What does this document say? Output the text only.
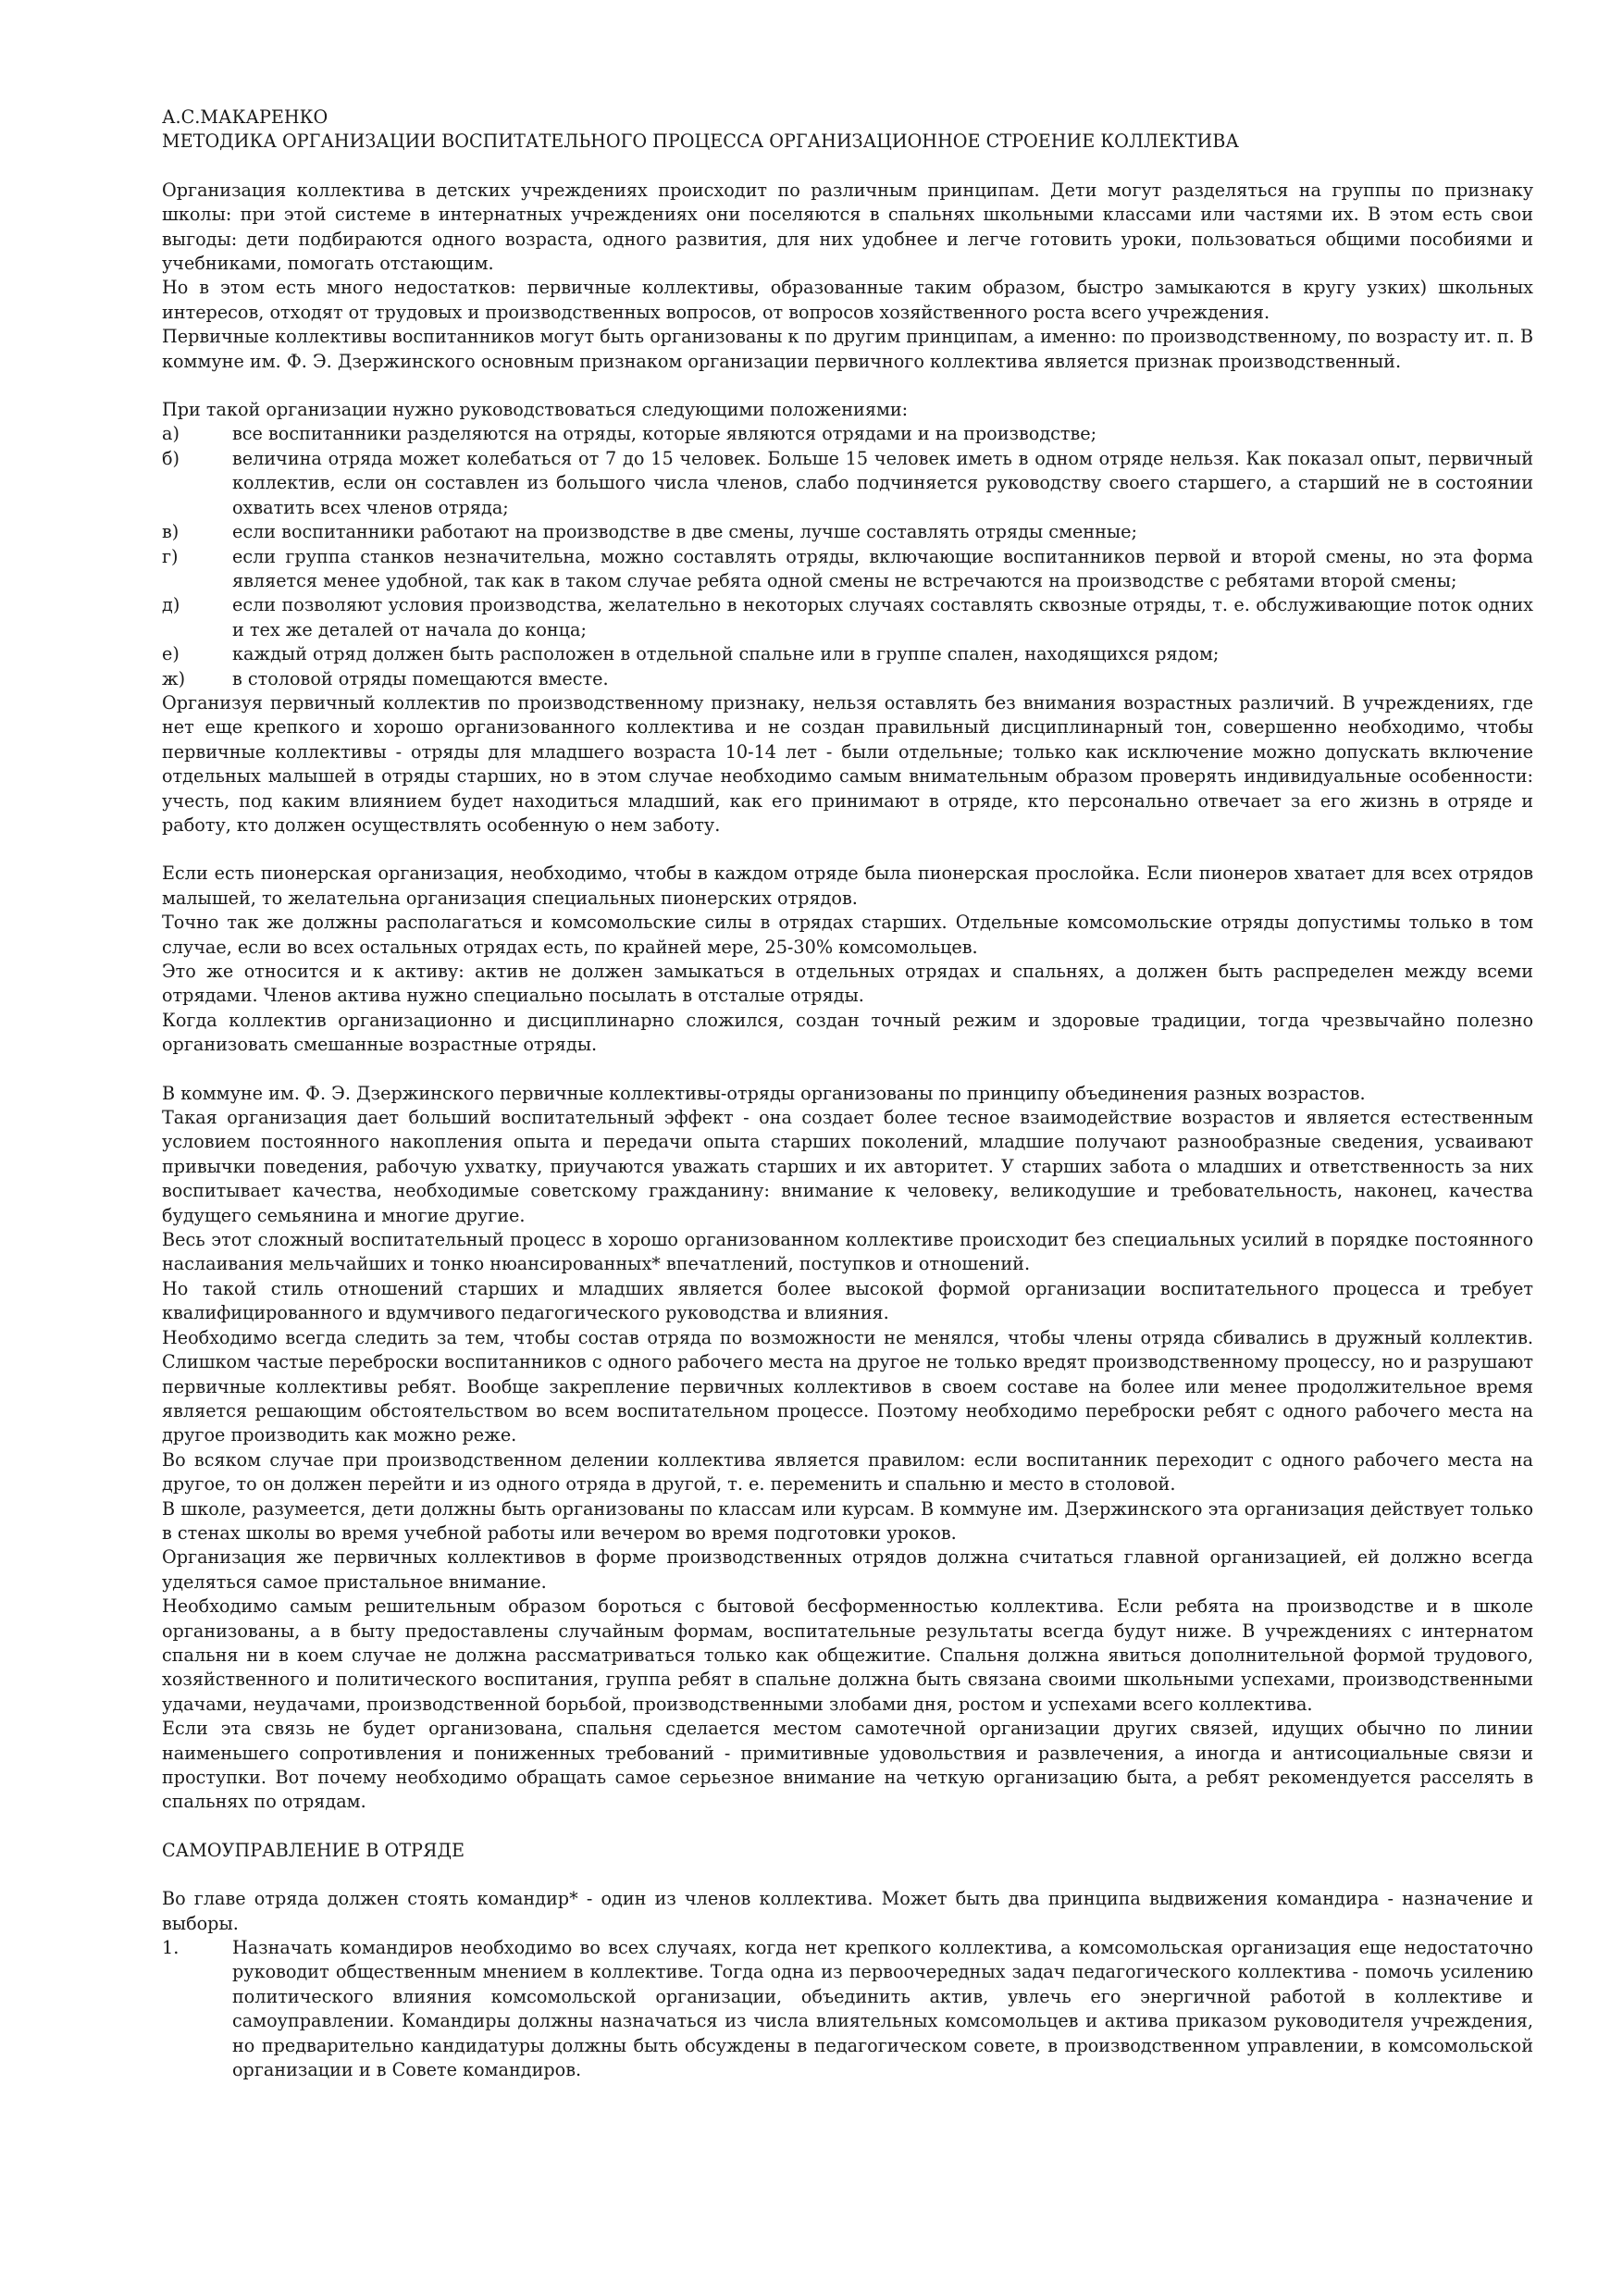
А.С.МАКАРЕНКО

МЕТОДИКА ОРГАНИЗАЦИИ ВОСПИТАТЕЛЬНОГО ПРОЦЕССА ОРГАНИЗАЦИОННОЕ СТРОЕНИЕ КОЛЛЕКТИВА

Организация коллектива в детских учреждениях происходит по различным принципам. Дети могут разделяться на группы по признаку школы: при этой системе в интернатных учреждениях они поселяются в спальнях школьными классами или частями их. В этом есть свои выгоды: дети подбираются одного возраста, одного развития, для них удобнее и легче готовить уроки, пользоваться общими пособиями и учебниками, помогать отстающим.

Но в этом есть много недостатков: первичные коллективы, образованные таким образом, быстро замыкаются в кругу узких) школьных интересов, отходят от трудовых и производственных вопросов, от вопросов хозяйственного роста всего учреждения.

Первичные коллективы воспитанников могут быть организованы к по другим принципам, а именно: по производственному, по возрасту ит. п. В коммуне им. Ф. Э. Дзержинского основным признаком организации первичного коллектива является признак производственный.

При такой организации нужно руководствоваться следующими положениями:

а)	все воспитанники разделяются на отряды, которые являются отрядами и на производстве;
б)	величина отряда может колебаться от 7 до 15 человек. Больше 15 человек иметь в одном отряде нельзя. Как показал опыт, первичный коллектив, если он составлен из большого числа членов, слабо подчиняется руководству своего старшего, а старший не в состоянии охватить всех членов отряда;
в)	если воспитанники работают на производстве в две смены, лучше составлять отряды сменные;
г)	если группа станков незначительна, можно составлять отряды, включающие воспитанников первой и второй смены, но эта форма является менее удобной, так как в таком случае ребята одной смены не встречаются на производстве с ребятами второй смены;
д)	если позволяют условия производства, желательно в некоторых случаях составлять сквозные отряды, т. е. обслуживающие поток одних и тех же деталей от начала до конца;
е)	каждый отряд должен быть расположен в отдельной спальне или в группе спален, находящихся рядом;
ж)	в столовой отряды помещаются вместе.

Организуя первичный коллектив по производственному признаку, нельзя оставлять без внимания возрастных различий. В учреждениях, где нет еще крепкого и хорошо организованного коллектива и не создан правильный дисциплинарный тон, совершенно необходимо, чтобы первичные коллективы - отряды для младшего возраста 10-14 лет - были отдельные; только как исключение можно допускать включение отдельных малышей в отряды старших, но в этом случае необходимо самым внимательным образом проверять индивидуальные особенности: учесть, под каким влиянием будет находиться младший, как его принимают в отряде, кто персонально отвечает за его жизнь в отряде и работу, кто должен осуществлять особенную о нем заботу.

Если есть пионерская организация, необходимо, чтобы в каждом отряде была пионерская прослойка. Если пионеров хватает для всех отрядов малышей, то желательна организация специальных пионерских отрядов.

Точно так же должны располагаться и комсомольские силы в отрядах старших. Отдельные комсомольские отряды допустимы только в том случае, если во всех остальных отрядах есть, по крайней мере, 25-30% комсомольцев.

Это же относится и к активу: актив не должен замыкаться в отдельных отрядах и спальнях, а должен быть распределен между всеми отрядами. Членов актива нужно специально посылать в отсталые отряды.

Когда коллектив организационно и дисциплинарно сложился, создан точный режим и здоровые традиции, тогда чрезвычайно полезно организовать смешанные возрастные отряды.

В коммуне им. Ф. Э. Дзержинского первичные коллективы-отряды организованы по принципу объединения разных возрастов.

Такая организация дает больший воспитательный эффект - она создает более тесное взаимодействие возрастов и является естественным условием постоянного накопления опыта и передачи опыта старших поколений, младшие получают разнообразные сведения, усваивают привычки поведения, рабочую ухватку, приучаются уважать старших и их авторитет. У старших забота о младших и ответственность за них воспитывает качества, необходимые советскому гражданину: внимание к человеку, великодушие и требовательность, наконец, качества будущего семьянина и многие другие.

Весь этот сложный воспитательный процесс в хорошо организованном коллективе происходит без специальных усилий в порядке постоянного наслаивания мельчайших и тонко нюансированных* впечатлений, поступков и отношений.

Но такой стиль отношений старших и младших является более высокой формой организации воспитательного процесса и требует квалифицированного и вдумчивого педагогического руководства и влияния.

Необходимо всегда следить за тем, чтобы состав отряда по возможности не менялся, чтобы члены отряда сбивались в дружный коллектив. Слишком частые переброски воспитанников с одного рабочего места на другое не только вредят производственному процессу, но и разрушают первичные коллективы ребят. Вообще закрепление первичных коллективов в своем составе на более или менее продолжительное время является решающим обстоятельством во всем воспитательном процессе. Поэтому необходимо переброски ребят с одного рабочего места на другое производить как можно реже.

Во всяком случае при производственном делении коллектива является правилом: если воспитанник переходит с одного рабочего места на другое, то он должен перейти и из одного отряда в другой, т. е. переменить и спальню и место в столовой.

В школе, разумеется, дети должны быть организованы по классам или курсам. В коммуне им. Дзержинского эта организация действует только в стенах школы во время учебной работы или вечером во время подготовки уроков.

Организация же первичных коллективов в форме производственных отрядов должна считаться главной организацией, ей должно всегда уделяться самое пристальное внимание.

Необходимо самым решительным образом бороться с бытовой бесформенностью коллектива. Если ребята на производстве и в школе организованы, а в быту предоставлены случайным формам, воспитательные результаты всегда будут ниже. В учреждениях с интернатом спальня ни в коем случае не должна рассматриваться только как общежитие. Спальня должна явиться дополнительной формой трудового, хозяйственного и политического воспитания, группа ребят в спальне должна быть связана своими школьными успехами, производственными удачами, неудачами, производственной борьбой, производственными злобами дня, ростом и успехами всего коллектива.

Если эта связь не будет организована, спальня сделается местом самотечной организации других связей, идущих обычно по линии наименьшего сопротивления и пониженных требований - примитивные удовольствия и развлечения, а иногда и антисоциальные связи и проступки. Вот почему необходимо обращать самое серьезное внимание на четкую организацию быта, а ребят рекомендуется расселять в спальнях по отрядам.

САМОУПРАВЛЕНИЕ В ОТРЯДЕ

Во главе отряда должен стоять командир* - один из членов коллектива. Может быть два принципа выдвижения командира - назначение и выборы.

1.	Назначать командиров необходимо во всех случаях, когда нет крепкого коллектива, а комсомольская организация еще недостаточно руководит общественным мнением в коллективе. Тогда одна из первоочередных задач педагогического коллектива - помочь усилению политического влияния комсомольской организации, объединить актив, увлечь его энергичной работой в коллективе и самоуправлении. Командиры должны назначаться из числа влиятельных комсомольцев и актива приказом руководителя учреждения, но предварительно кандидатуры должны быть обсуждены в педагогическом совете, в производственном управлении, в комсомольской организации и в Совете командиров.
